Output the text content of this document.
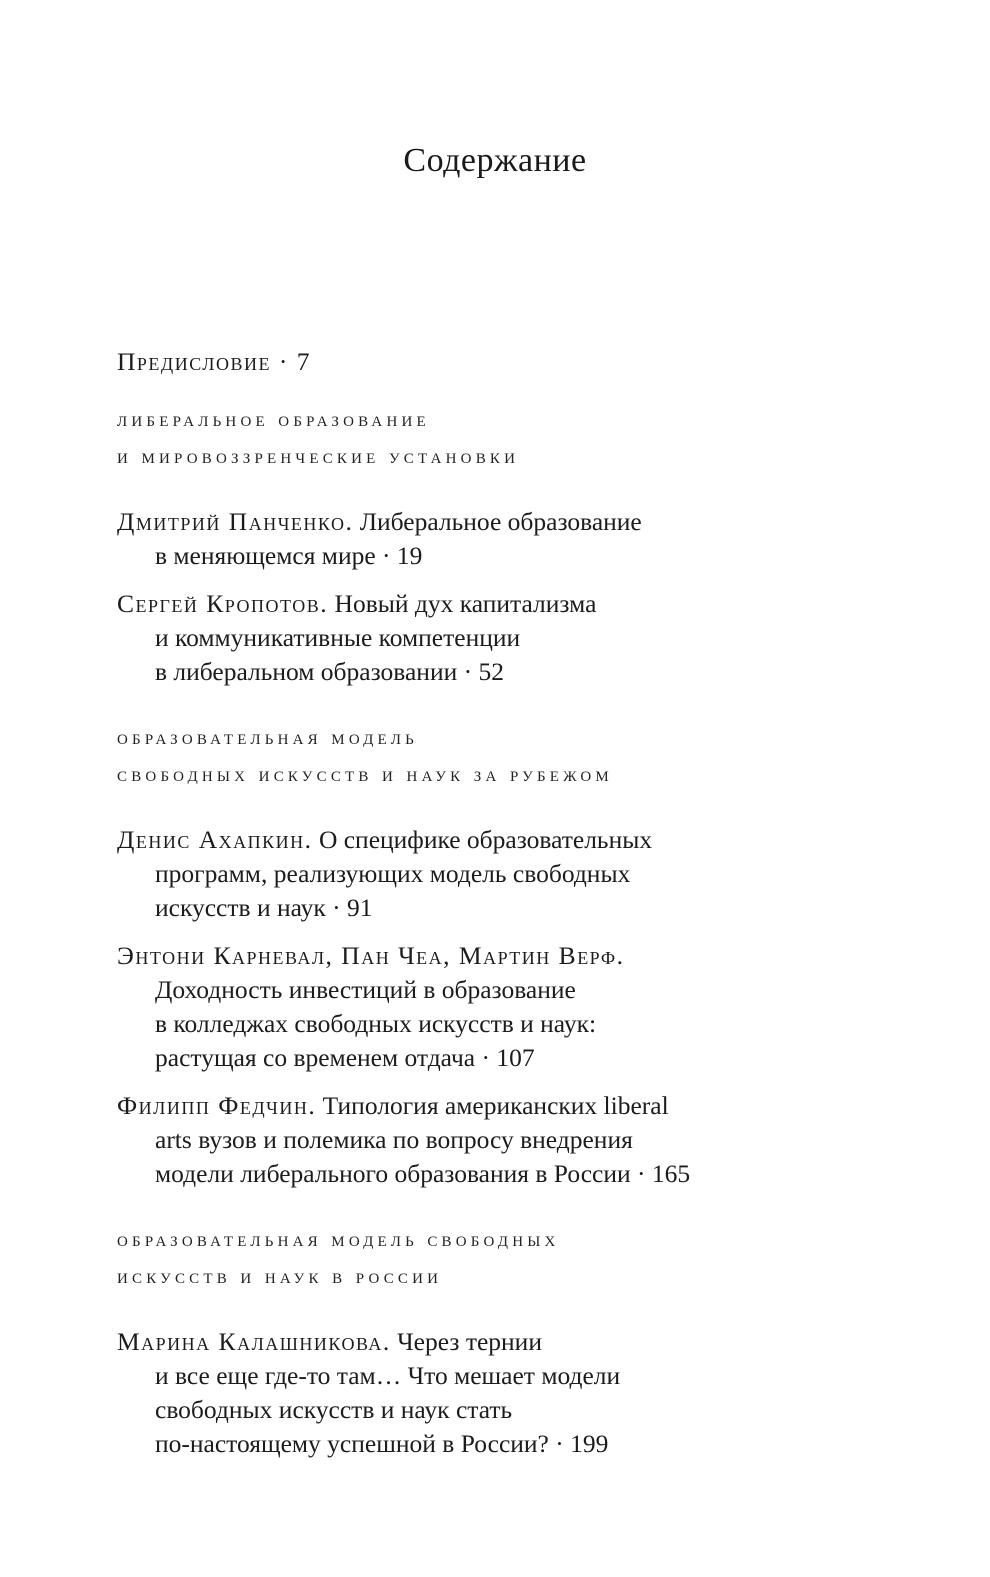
Содержание

Предисловие · 7

либеральное образование

и мировоззренческие установки

Дмитрий Панченко. Либеральное образование
в меняющемся мире · 19
Сергей Кропотов. Новый дух капитализма
и коммуникативные компетенции
в либеральном образовании · 52

образовательная модель

свободных искусств и наук за рубежом

Денис Ахапкин. О специфике образовательных
программ, реализующих модель свободных
искусств и наук · 91
Энтони Карневал, Пан Чеа, Мартин Верф.
Доходность инвестиций в образование
в колледжах свободных искусств и наук:
растущая со временем отдача · 107
Филипп Федчин. Типология американских liberal
arts вузов и полемика по вопросу внедрения
модели либерального образования в России · 165

образовательная модель свободных

искусств и наук в россии

Марина Калашникова. Через тернии
и все еще где-то там… Что мешает модели
свободных искусств и наук стать
по-настоящему успешной в России? · 199
